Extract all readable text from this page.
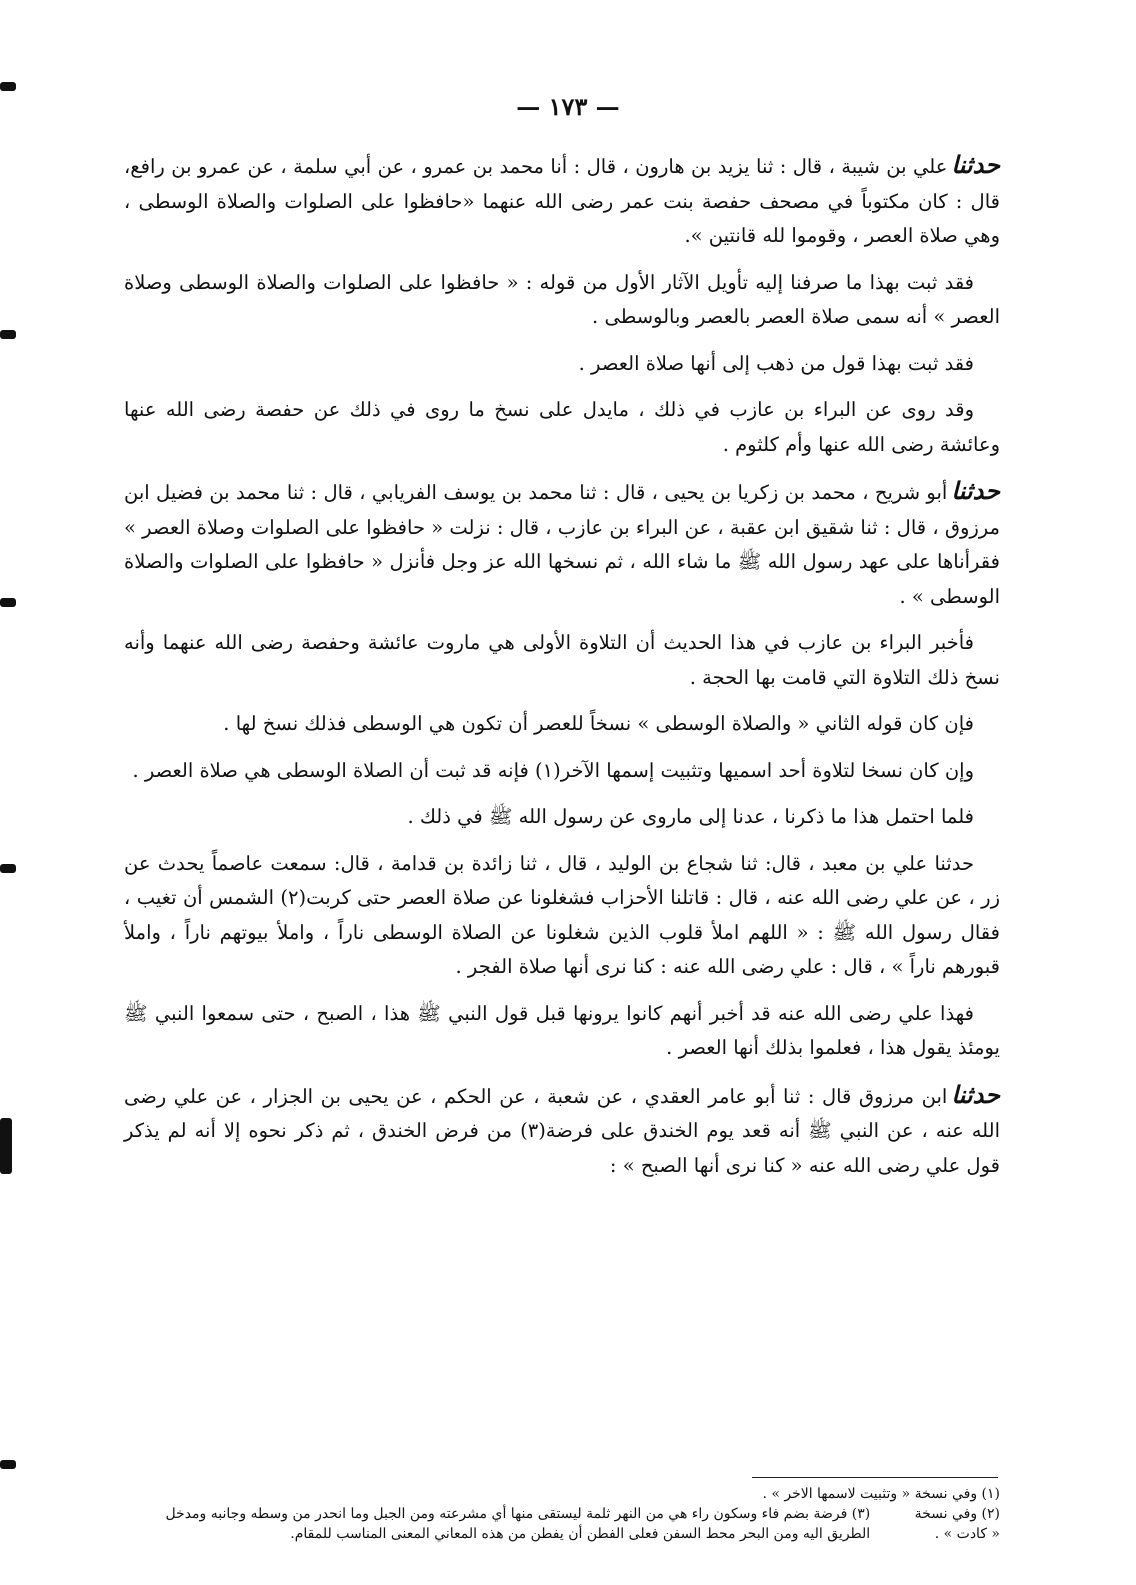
— ١٧٣ —

حدثناعلي بن شيبة ، قال : ثنا يزيد بن هارون ، قال : أنا محمد بن عمرو ، عن أبي سلمة ، عن عمرو بن رافع، قال : كان مكتوباً في مصحف حفصة بنت عمر رضى الله عنهما «حافظوا على الصلوات والصلاة الوسطى ، وهي صلاة العصر ، وقوموا لله قانتين ».

فقد ثبت بهذا ما صرفنا إليه تأويل الآثار الأول من قوله : « حافظوا على الصلوات والصلاة الوسطى وصلاة العصر » أنه سمى صلاة العصر بالعصر وبالوسطى .

فقد ثبت بهذا قول من ذهب إلى أنها صلاة العصر .

وقد روى عن البراء بن عازب في ذلك ، مايدل على نسخ ما روى في ذلك عن حفصة رضى الله عنها وعائشة رضى الله عنها وأم كلثوم .

حدثناأبو شريح ، محمد بن زكريا بن يحيى ، قال : ثنا محمد بن يوسف الفريابي ، قال : ثنا محمد بن فضيل ابن مرزوق ، قال : ثنا شقيق ابن عقبة ، عن البراء بن عازب ، قال : نزلت « حافظوا على الصلوات وصلاة العصر » فقرأناها على عهد رسول الله ﷺ ما شاء الله ، ثم نسخها الله عز وجل فأنزل « حافظوا على الصلوات والصلاة الوسطى » .

فأخبر البراء بن عازب في هذا الحديث أن التلاوة الأولى هي ماروت عائشة وحفصة رضى الله عنهما وأنه نسخ ذلك التلاوة التي قامت بها الحجة .

فإن كان قوله الثاني « والصلاة الوسطى » نسخاً للعصر أن تكون هي الوسطى فذلك نسخ لها .

وإن كان نسخا لتلاوة أحد اسميها وتثبيت إسمها الآخر(١) فإنه قد ثبت أن الصلاة الوسطى هي صلاة العصر .

فلما احتمل هذا ما ذكرنا ، عدنا إلى ماروى عن رسول الله ﷺ في ذلك .

حدثنا علي بن معبد ، قال: ثنا شجاع بن الوليد ، قال ، ثنا زائدة بن قدامة ، قال: سمعت عاصماً يحدث عن زر ، عن علي رضى الله عنه ، قال : قاتلنا الأحزاب فشغلونا عن صلاة العصر حتى كربت(٢) الشمس أن تغيب ، فقال رسول الله ﷺ : « اللهم املأ قلوب الذين شغلونا عن الصلاة الوسطى ناراً ، واملأ بيوتهم ناراً ، واملأ قبورهم ناراً » ، قال : علي رضى الله عنه : كنا نرى أنها صلاة الفجر .

فهذا علي رضى الله عنه قد أخبر أنهم كانوا يرونها قبل قول النبي ﷺ هذا ، الصبح ، حتى سمعوا النبي ﷺ يومئذ يقول هذا ، فعلموا بذلك أنها العصر .

حدثناابن مرزوق قال : ثنا أبو عامر العقدي ، عن شعبة ، عن الحكم ، عن يحيى بن الجزار ، عن علي رضى الله عنه ، عن النبي ﷺ أنه قعد يوم الخندق على فرضة(٣) من فرض الخندق ، ثم ذكر نحوه إلا أنه لم يذكر قول علي رضى الله عنه « كنا نرى أنها الصبح » :

(١) وفي نسخة « وتثبيت لاسمها الاخر » .

(٢) وفي نسخة « كادت » .

(٣) فرضة بضم فاء وسكون راء هي من النهر ثلمة ليستقى منها أي مشرعته ومن الجبل وما انحدر من وسطه وجانبه ومدخل الطريق اليه ومن البحر محط السفن فعلى الفطن أن يفطن من هذه المعاني المعنى المناسب للمقام.
